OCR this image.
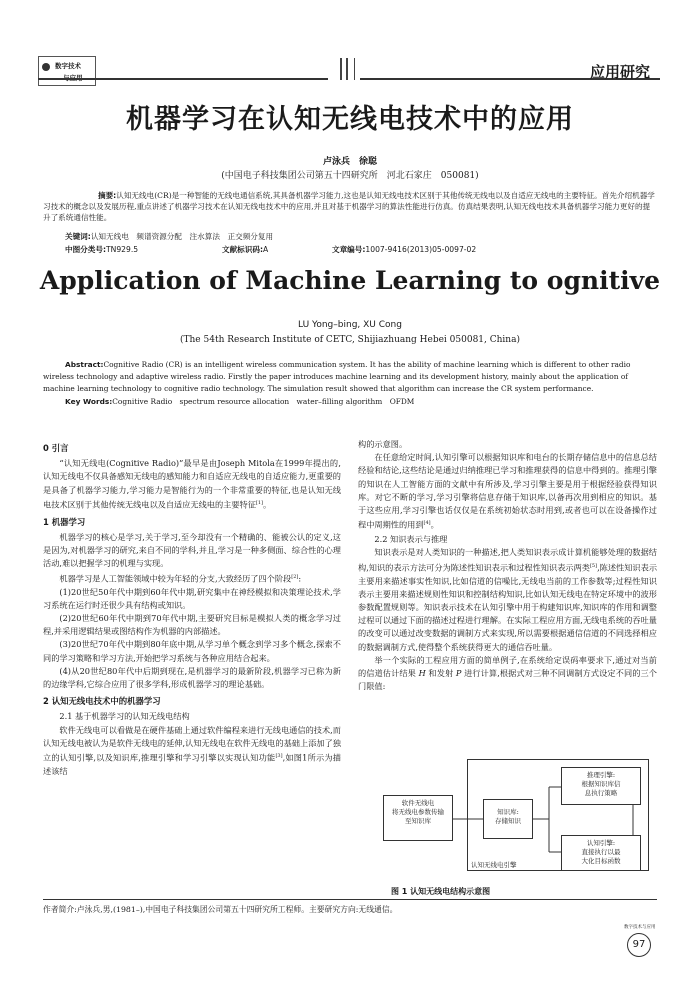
数字技术	应用研究
机器学习在认知无线电技术中的应用
卢泳兵　徐聪
(中国电子科技集团公司第五十四研究所　河北石家庄　050081)
摘要:认知无线电(CR)是一种智能的无线电通信系统,其具备机器学习能力,这也是认知无线电技术区别于其他传统无线电以及自适应无线电的主要特征。首先介绍机器学习技术的概念以及发展历程,重点讲述了机器学习技术在认知无线电技术中的应用,并且对基于机器学习的算法性能进行仿真。仿真结果表明,认知无线电技术具备机器学习能力更好的提升了系统通信性能。
关键词:认知无线电　频谱资源分配　注水算法　正交频分复用
中图分类号:TN929.5	文献标识码:A	文章编号:1007-9416(2013)05-0097-02
Application of Machine Learning to ognitive
LU Yong–bing, XU Cong
(The 54th Research Institute of CETC, Shijiazhuang Hebei 050081, China)
Abstract:Cognitive Radio (CR) is an intelligent wireless communication system. It has the ability of machine learning which is different to other radio wireless technology and adaptive wireless radio. Firstly the paper introduces machine learning and its development history, mainly about the application of machine learning technology to cognitive radio technology. The simulation result showed that algorithm can increase the CR system performance.
Key Words:Cognitive Radio　spectrum resource allocation　water–filling algorithm　OFDM
0 引言

“认知无线电(Cognitive Radio)”最早是由Joseph Mitola在1999年提出的,认知无线电不仅具备感知无线电的感知能力和自适应无线电的自适应能力,更重要的是具备了机器学习能力,学习能力是智能行为的一个非常重要的特征,也是认知无线电技术区别于其他传统无线电以及自适应无线电的主要特征[1]。

1 机器学习

机器学习的核心是学习,关于学习,至今却没有一个精确的、能被公认的定义,这是因为,对机器学习的研究,来自不同的学科,并且,学习是一种多侧面、综合性的心理活动,难以把握学习的机理与实现。

机器学习是人工智能领域中较为年轻的分支,大致经历了四个阶段[2]:

(1)20世纪50年代中期到60年代中期,研究集中在神经模拟和决策理论技术,学习系统在运行时还很少具有结构或知识。

(2)20世纪60年代中期到70年代中期,主要研究目标是模拟人类的概念学习过程,并采用逻辑结果或图结构作为机器的内部描述。

(3)20世纪70年代中期到80年底中期,从学习单个概念到学习多个概念,探索不同的学习策略和学习方法,开始把学习系统与各种应用结合起来。

(4)从20世纪80年代中后期到现在,是机器学习的最新阶段,机器学习已称为新的边缘学科,它综合应用了很多学科,形成机器学习的理论基础。

2 认知无线电技术中的机器学习
2.1 基于机器学习的认知无线电结构

软件无线电可以看做是在硬件基础上通过软件编程来进行无线电通信的技术,而认知无线电被认为是软件无线电的延伸,认知无线电在软件无线电的基础上添加了独立的认知引擎,以及知识库,推理引擎和学习引擎以实现认知功能[3],如图1所示为描述该结

构的示意图。

在任意给定时间,认知引擎可以根据知识库和电台的长期存储信息中的信息总结经验和结论,这些结论是通过归纳推理已学习和推理获得的信息中得到的。推理引擎的知识在人工智能方面的文献中有所涉及,学习引擎主要是用于根据经验获得知识库。对它不断的学习,学习引擎将信息存储于知识库,以备再次用到相应的知识。基于这些应用,学习引擎也话仅仅是在系统初始状态时用到,或者也可以在设备操作过程中周期性的用到[4]。

2.2 知识表示与推理

知识表示是对人类知识的一种描述,把人类知识表示成计算机能够处理的数据结构,知识的表示方法可分为陈述性知识表示和过程性知识表示两类[5],陈述性知识表示主要用来描述事实性知识,比如信道的信噪比,无线电当前的工作参数等;过程性知识表示主要用来描述规则性知识和控制结构知识,比如认知无线电在特定环境中的波形参数配置规则等。知识表示技术在认知引擎中用于构建知识库,知识库的作用和调整过程可以通过下面的描述过程进行理解。在实际工程应用方面,无线电系统的吞吐量的改变可以通过改变数据的调制方式来实现,所以需要根据通信信道的不同选择相应的数据调制方式,使得整个系统获得更大的通信吞吐量。

举一个实际的工程应用方面的简单例子,在系统给定误码率要求下,通过对当前的信道估计结果 H 和发射 P 进行计算,根据式对三种不同调制方式设定不同的三个门限值:

软件无线电
将无线电参数传输
至知识库
知识库:
存储知识
推理引擎:
根据知识库信
息执行策略
认知引擎:
直接执行以最
大化目标函数
认知无线电引擎
图 1 认知无线电结构示意图
作者简介:卢泳兵,男,(1981–),中国电子科技集团公司第五十四研究所工程师。主要研究方向:无线通信。
数字技术与应用
97
